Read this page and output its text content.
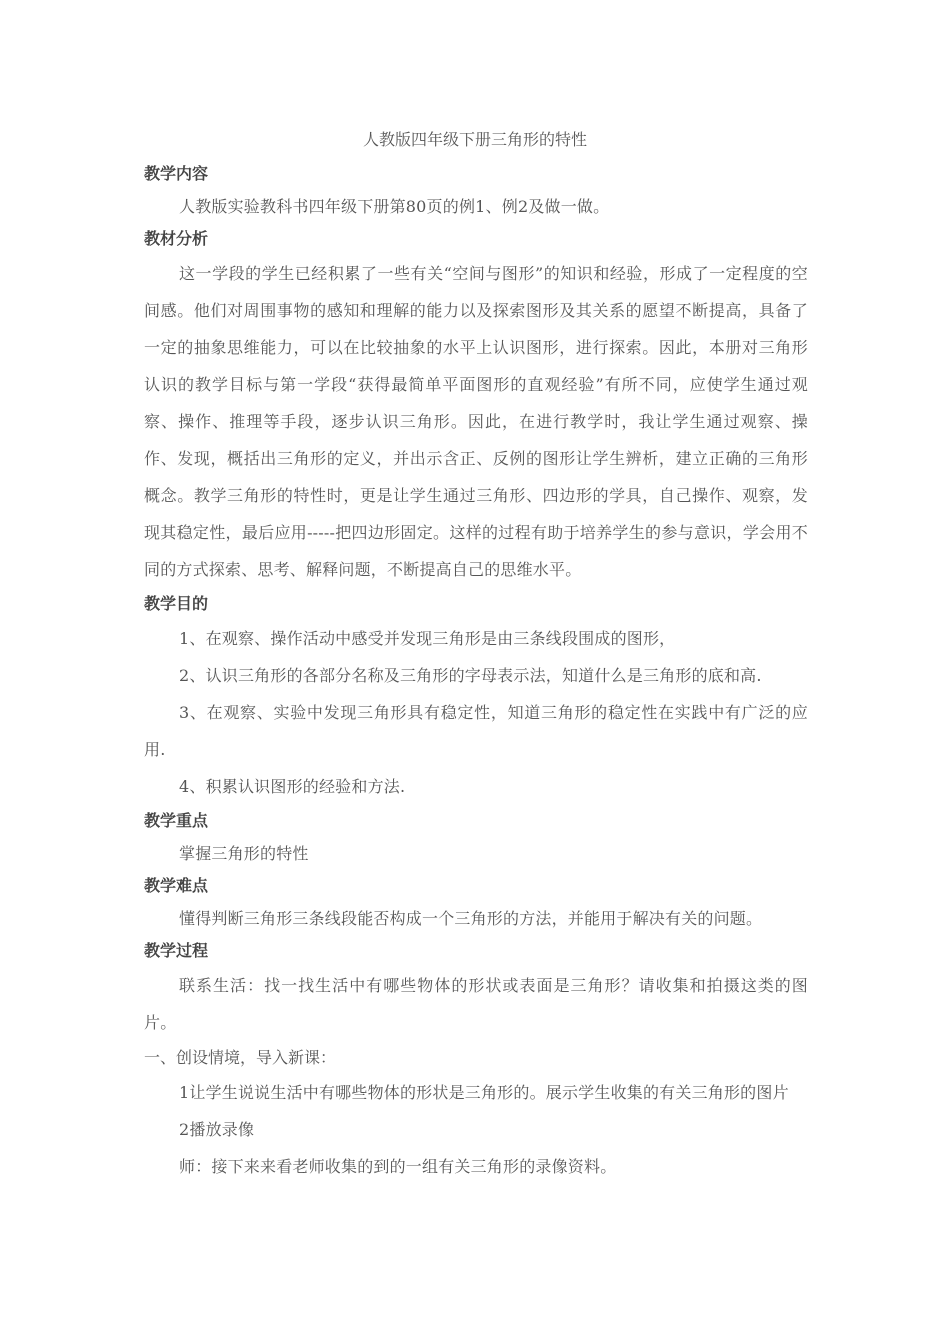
人教版四年级下册三角形的特性
教学内容

人教版实验教科书四年级下册第80页的例1、例2及做一做。

教材分析

这一学段的学生已经积累了一些有关“空间与图形”的知识和经验，形成了一定程度的空间感。他们对周围事物的感知和理解的能力以及探索图形及其关系的愿望不断提高，具备了一定的抽象思维能力，可以在比较抽象的水平上认识图形，进行探索。因此，本册对三角形认识的教学目标与第一学段“获得最简单平面图形的直观经验”有所不同，应使学生通过观察、操作、推理等手段，逐步认识三角形。因此，在进行教学时，我让学生通过观察、操作、发现，概括出三角形的定义，并出示含正、反例的图形让学生辨析，建立正确的三角形概念。教学三角形的特性时，更是让学生通过三角形、四边形的学具，自己操作、观察，发现其稳定性，最后应用-----把四边形固定。这样的过程有助于培养学生的参与意识，学会用不同的方式探索、思考、解释问题，不断提高自己的思维水平。

教学目的

1、在观察、操作活动中感受并发现三角形是由三条线段围成的图形，

2、认识三角形的各部分名称及三角形的字母表示法，知道什么是三角形的底和高.

3、在观察、实验中发现三角形具有稳定性，知道三角形的稳定性在实践中有广泛的应用.

4、积累认识图形的经验和方法.

教学重点

掌握三角形的特性

教学难点

懂得判断三角形三条线段能否构成一个三角形的方法，并能用于解决有关的问题。

教学过程

联系生活：找一找生活中有哪些物体的形状或表面是三角形？请收集和拍摄这类的图片。

一、创设情境，导入新课：

1让学生说说生活中有哪些物体的形状是三角形的。展示学生收集的有关三角形的图片

2播放录像

师：接下来来看老师收集的到的一组有关三角形的录像资料。
